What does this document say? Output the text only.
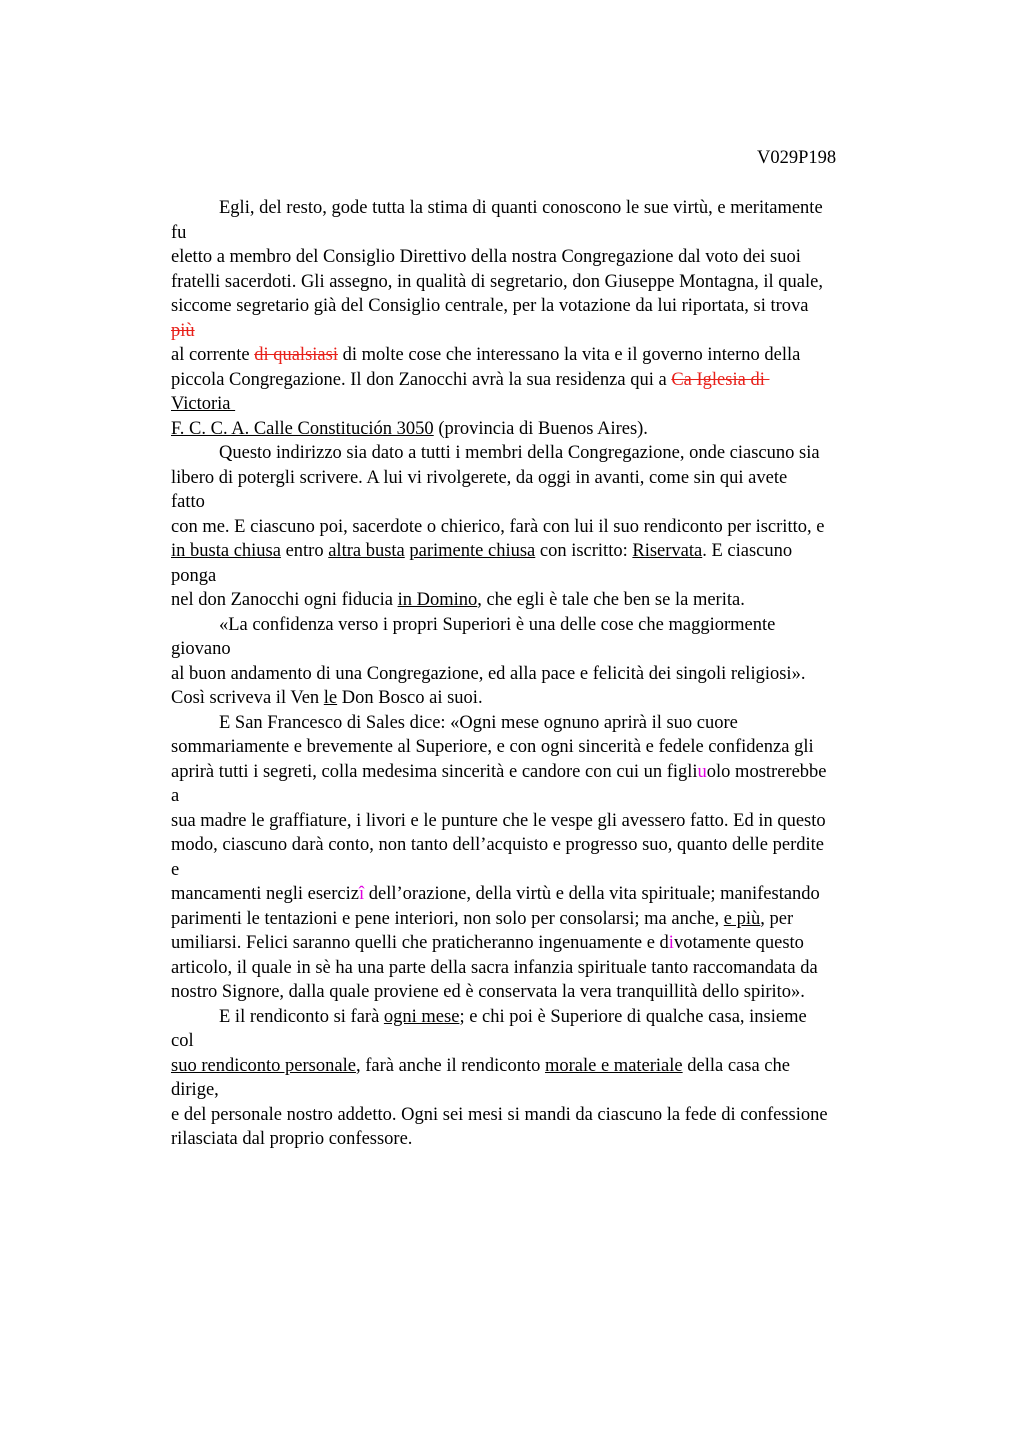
V029P198
Egli, del resto, gode tutta la stima di quanti conoscono le sue virtù, e meritamente
fu
eletto a membro del Consiglio Direttivo della nostra Congregazione dal voto dei suoi
fratelli sacerdoti. Gli assegno, in qualità di segretario, don Giuseppe Montagna, il quale,
siccome segretario già del Consiglio centrale, per la votazione da lui riportata, si trova
più
al corrente di qualsiasi di molte cose che interessano la vita e il governo interno della
piccola Congregazione. Il don Zanocchi avrà la sua residenza qui a Ca Iglesia di
Victoria
F. C. C. A. Calle Constitución 3050 (provincia di Buenos Aires).
Questo indirizzo sia dato a tutti i membri della Congregazione, onde ciascuno sia
libero di potergli scrivere. A lui vi rivolgerete, da oggi in avanti, come sin qui avete
fatto
con me. E ciascuno poi, sacerdote o chierico, farà con lui il suo rendiconto per iscritto, e
in busta chiusa entro altra busta parimente chiusa con iscritto: Riservata. E ciascuno
ponga
nel don Zanocchi ogni fiducia in Domino, che egli è tale che ben se la merita.
«La confidenza verso i propri Superiori è una delle cose che maggiormente
giovano
al buon andamento di una Congregazione, ed alla pace e felicità dei singoli religiosi».
Così scriveva il Ven le Don Bosco ai suoi.
E San Francesco di Sales dice: «Ogni mese ognuno aprirà il suo cuore
sommariamente e brevemente al Superiore, e con ogni sincerità e fedele confidenza gli
aprirà tutti i segreti, colla medesima sincerità e candore con cui un figliuolo mostrerebbe
a
sua madre le graffiature, i livori e le punture che le vespe gli avessero fatto. Ed in questo
modo, ciascuno darà conto, non tanto dell’acquisto e progresso suo, quanto delle perdite
e
mancamenti negli esercizî dell’orazione, della virtù e della vita spirituale; manifestando
parimenti le tentazioni e pene interiori, non solo per consolarsi; ma anche, e più, per
umiliarsi. Felici saranno quelli che praticheranno ingenuamente e divotamente questo
articolo, il quale in sè ha una parte della sacra infanzia spirituale tanto raccomandata da
nostro Signore, dalla quale proviene ed è conservata la vera tranquillità dello spirito».
E il rendiconto si farà ogni mese; e chi poi è Superiore di qualche casa, insieme
col
suo rendiconto personale, farà anche il rendiconto morale e materiale della casa che
dirige,
e del personale nostro addetto. Ogni sei mesi si mandi da ciascuno la fede di confessione
rilasciata dal proprio confessore.
